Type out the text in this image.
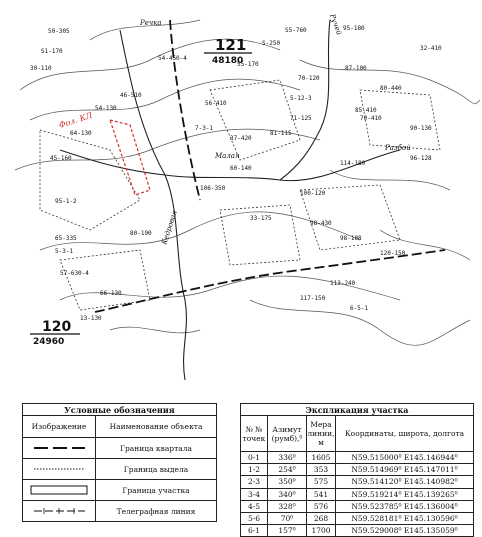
50-305
55-170
54-450-4
S-250
95-180
S5-760
54-130
S1-170
87-100
70-120
70-410
5-12-3
80-440
85-410
90-130
71-125
81-115
37-420
30-110
46-510
56-410
60-140
64-130
45-160
114-180
100-120
95-1-2
98-430
65-335	98-108
5-3-1
57-630-4
66-130
113-240
117-150
13-130
6-5-1
106-350
80-190
120-150
96-128
32-410
7-3-1
33-175
Кедровая
Речка	Ручей
Разбой
Малая
Фол. КЛ
121
48180
120
24960
Условные обозначения	
Изображение	Наименование объекта

	Граница квартала

	Граница выдела

	Граница участка

	Телеграфная линия
Экспликация участка			
№ № точек	Азимут (румб),⁰	Мера линии, м	Координаты, широта, долгота
0-1	336⁰	1605	N59.515000⁰ E145.146944⁰
1-2	254⁰	353	N59.514969⁰ E145.147011⁰
2-3	350⁰	575	N59.514120⁰ E145.140982⁰
3-4	340⁰	541	N59.519214⁰ E145.139265⁰
4-5	328⁰	576	N59.523785⁰ E145.136004⁰
5-6	70⁰	268	N59.528181⁰ E145.130596⁰
6-1	157⁰	1700	N59.529008⁰ E145.135059⁰
